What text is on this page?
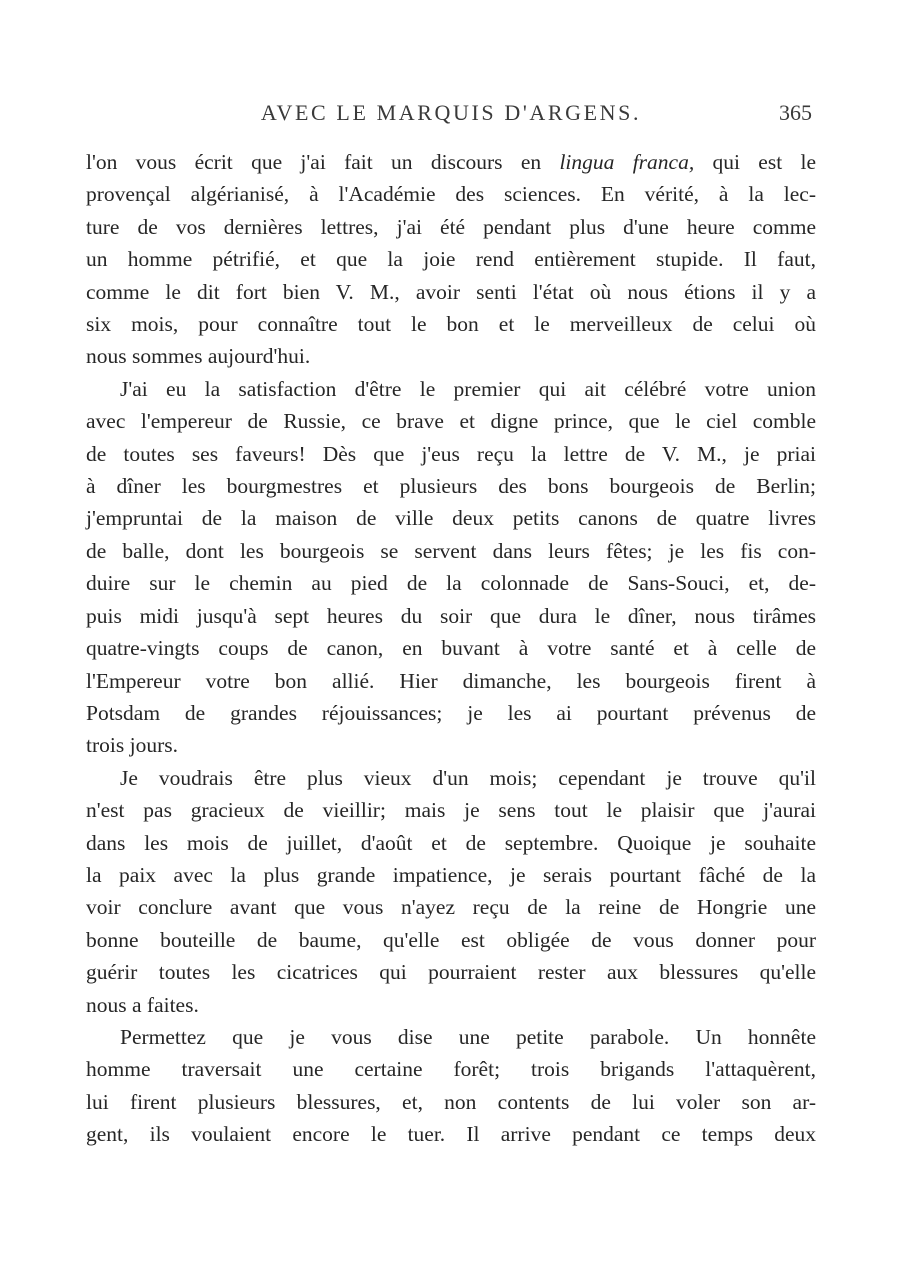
AVEC LE MARQUIS D'ARGENS.	365

l'on vous écrit que j'ai fait un discours en lingua franca, qui est le

provençal algérianisé, à l'Académie des sciences. En vérité, à la lec-

ture de vos dernières lettres, j'ai été pendant plus d'une heure comme

un homme pétrifié, et que la joie rend entièrement stupide. Il faut,

comme le dit fort bien V. M., avoir senti l'état où nous étions il y a

six mois, pour connaître tout le bon et le merveilleux de celui où

nous sommes aujourd'hui.

J'ai eu la satisfaction d'être le premier qui ait célébré votre union

avec l'empereur de Russie, ce brave et digne prince, que le ciel comble

de toutes ses faveurs! Dès que j'eus reçu la lettre de V. M., je priai

à dîner les bourgmestres et plusieurs des bons bourgeois de Berlin;

j'empruntai de la maison de ville deux petits canons de quatre livres

de balle, dont les bourgeois se servent dans leurs fêtes; je les fis con-

duire sur le chemin au pied de la colonnade de Sans-Souci, et, de-

puis midi jusqu'à sept heures du soir que dura le dîner, nous tirâmes

quatre-vingts coups de canon, en buvant à votre santé et à celle de

l'Empereur votre bon allié. Hier dimanche, les bourgeois firent à

Potsdam de grandes réjouissances; je les ai pourtant prévenus de

trois jours.

Je voudrais être plus vieux d'un mois; cependant je trouve qu'il

n'est pas gracieux de vieillir; mais je sens tout le plaisir que j'aurai

dans les mois de juillet, d'août et de septembre. Quoique je souhaite

la paix avec la plus grande impatience, je serais pourtant fâché de la

voir conclure avant que vous n'ayez reçu de la reine de Hongrie une

bonne bouteille de baume, qu'elle est obligée de vous donner pour

guérir toutes les cicatrices qui pourraient rester aux blessures qu'elle

nous a faites.

Permettez que je vous dise une petite parabole. Un honnête

homme traversait une certaine forêt; trois brigands l'attaquèrent,

lui firent plusieurs blessures, et, non contents de lui voler son ar-

gent, ils voulaient encore le tuer. Il arrive pendant ce temps deux
